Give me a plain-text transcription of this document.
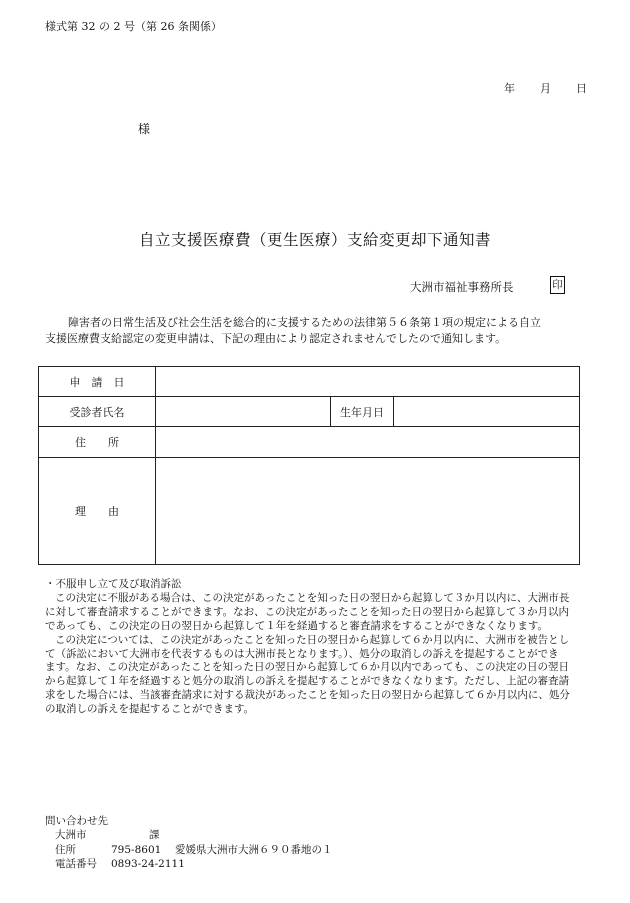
様式第 32 の 2 号（第 26 条関係）
年 月 日
様
自立支援医療費（更生医療）支給変更却下通知書
大洲市福祉事務所長	印

障害者の日常生活及び社会生活を総合的に支援するための法律第５６条第１項の規定による自立

支援医療費支給認定の変更申請は、下記の理由により認定されませんでしたので通知します。

申　請　日			
受診者氏名		生年月日	
住　　所			
理　　由			

・不服申し立て及び取消訴訟

この決定に不服がある場合は、この決定があったことを知った日の翌日から起算して３か月以内に、大洲市長

に対して審査請求することができます。なお、この決定があったことを知った日の翌日から起算して３か月以内

であっても、この決定の日の翌日から起算して１年を経過すると審査請求をすることができなくなります。

この決定については、この決定があったことを知った日の翌日から起算して６か月以内に、大洲市を被告とし

て（訴訟において大洲市を代表するものは大洲市長となります。）、処分の取消しの訴えを提起することができ

ます。なお、この決定があったことを知った日の翌日から起算して６か月以内であっても、この決定の日の翌日

から起算して１年を経過すると処分の取消しの訴えを提起することができなくなります。ただし、上記の審査請

求をした場合には、当該審査請求に対する裁決があったことを知った日の翌日から起算して６か月以内に、処分

の取消しの訴えを提起することができます。

問い合わせ先
大洲市	課
住所	795-8601 愛媛県大洲市大洲６９０番地の１
電話番号 0893-24-2111
